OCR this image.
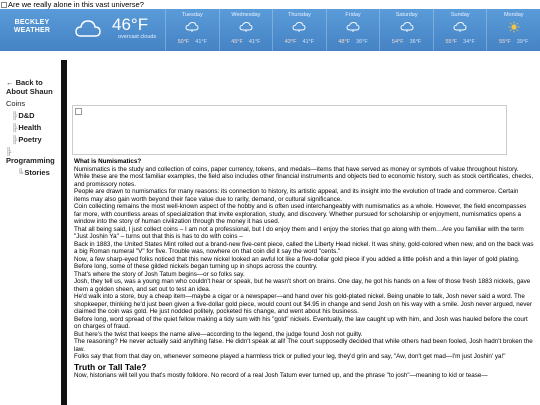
Are we really alone in this vast universe?
BECKLEY WEATHER	46°F
overcast clouds
Tuesday
50°F 41°F
Wednesday
45°F 41°F
Thursday
43°F 41°F
Friday
48°F 36°F
Saturday
54°F 36°F
Sunday
55°F 34°F
Monday
55°F 39°F
← Back to About Shaun
Coins
╠D&D
╠Health
╠Poetry
╠
Programming
╚Stories

What is Numismatics?

Numismatics is the study and collection of coins, paper currency, tokens, and medals—items that have served as money or symbols of value throughout history. While these are the most familiar examples, the field also includes other financial instruments and objects tied to economic history, such as stock certificates, checks, and promissory notes.

People are drawn to numismatics for many reasons: its connection to history, its artistic appeal, and its insight into the evolution of trade and commerce. Certain items may also gain worth beyond their face value due to rarity, demand, or cultural significance.

Coin collecting remains the most well-known aspect of the hobby and is often used interchangeably with numismatics as a whole. However, the field encompasses far more, with countless areas of specialization that invite exploration, study, and discovery. Whether pursued for scholarship or enjoyment, numismatics opens a window into the story of human civilization through the money it has used.

That all being said, I just collect coins – I am not a professional, but I do enjoy them and I enjoy the stories that go along with them…Are you familiar with the term "Just Joshin Ya" – turns out that this is has to do with coins –

Back in 1883, the United States Mint rolled out a brand-new five-cent piece, called the Liberty Head nickel. It was shiny, gold-colored when new, and on the back was a big Roman numeral "V" for five. Trouble was, nowhere on that coin did it say the word "cents."

Now, a few sharp-eyed folks noticed that this new nickel looked an awful lot like a five-dollar gold piece if you added a little polish and a thin layer of gold plating. Before long, some of these gilded nickels began turning up in shops across the country.

That's where the story of Josh Tatum begins—or so folks say.

Josh, they tell us, was a young man who couldn't hear or speak, but he wasn't short on brains. One day, he got his hands on a few of those fresh 1883 nickels, gave them a golden sheen, and set out to test an idea.

He'd walk into a store, buy a cheap item—maybe a cigar or a newspaper—and hand over his gold-plated nickel. Being unable to talk, Josh never said a word. The shopkeeper, thinking he'd just been given a five-dollar gold piece, would count out $4.95 in change and send Josh on his way with a smile. Josh never argued, never claimed the coin was gold. He just nodded politely, pocketed his change, and went about his business.

Before long, word spread of the quiet fellow making a tidy sum with his "gold" nickels. Eventually, the law caught up with him, and Josh was hauled before the court on charges of fraud.

But here's the twist that keeps the name alive—according to the legend, the judge found Josh not guilty.

The reasoning? He never actually said anything false. He didn't speak at all! The court supposedly decided that while others had been fooled, Josh hadn't broken the law.

Folks say that from that day on, whenever someone played a harmless trick or pulled your leg, they'd grin and say, "Aw, don't get mad—I'm just Joshin' ya!"

Truth or Tall Tale?

Now, historians will tell you that's mostly folklore. No record of a real Josh Tatum ever turned up, and the phrase "to josh"—meaning to kid or tease—
